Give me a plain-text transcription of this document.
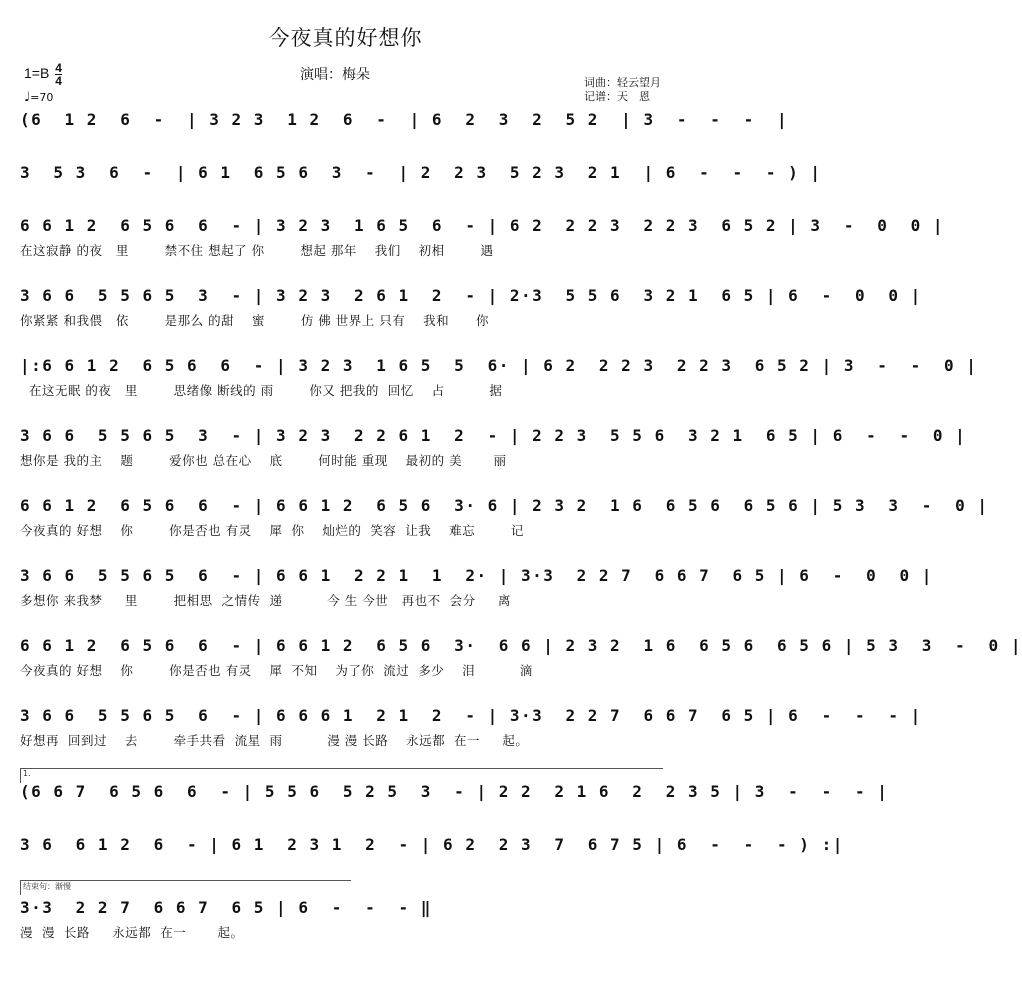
今夜真的好想你
$1=B \frac{4}{4}$
♩=70
演唱：梅朵	词曲：轻云望月
记谱：天　恩
(6  1 2  6  -  | 3 2 3  1 2  6  -  | 6  2  3  2  5 2  | 3  -  -  -  |
3  5 3  6  -  | 6 1  6 5 6  3  -  | 2  2 3  5 2 3  2 1  | 6  -  -  - ) |
6 6 1 2  6 5 6  6  - | 3 2 3  1 6 5  6  - | 6 2  2 2 3  2 2 3  6 5 2 | 3  -  0  0 |
在这寂静 的夜   里        禁不住 想起了 你        想起 那年    我们    初相        遇
3 6 6  5 5 6 5  3  - | 3 2 3  2 6 1  2  - | 2·3  5 5 6  3 2 1  6 5 | 6  -  0  0 |
你紧紧 和我偎   依        是那么 的甜    蜜        仿 佛 世界上 只有    我和      你
|:6 6 1 2  6 5 6  6  - | 3 2 3  1 6 5  5  6· | 6 2  2 2 3  2 2 3  6 5 2 | 3  -  -  0 |
在这无眠 的夜   里        思绪像 断线的 雨        你又 把我的  回忆    占          据
3 6 6  5 5 6 5  3  - | 3 2 3  2 2 6 1  2  - | 2 2 3  5 5 6  3 2 1  6 5 | 6  -  -  0 |
想你是 我的主    题        爱你也 总在心    底        何时能 重现    最初的 美       丽
6 6 1 2  6 5 6  6  - | 6 6 1 2  6 5 6  3· 6 | 2 3 2  1 6  6 5 6  6 5 6 | 5 3  3  -  0 |
今夜真的 好想    你        你是否也 有灵    犀  你    灿烂的  笑容  让我    难忘        记
3 6 6  5 5 6 5  6  - | 6 6 1  2 2 1  1  2· | 3·3  2 2 7  6 6 7  6 5 | 6  -  0  0 |
多想你 来我梦     里        把相思  之情传  递          今 生 今世   再也不  会分     离
6 6 1 2  6 5 6  6  - | 6 6 1 2  6 5 6  3·  6 6 | 2 3 2  1 6  6 5 6  6 5 6 | 5 3  3  -  0 |
今夜真的 好想    你        你是否也 有灵    犀  不知    为了你  流过  多少    泪          滴
3 6 6  5 5 6 5  6  - | 6 6 6 1  2 1  2  - | 3·3  2 2 7  6 6 7  6 5 | 6  -  -  - |
好想再  回到过    去        牵手共看  流星  雨          漫 漫 长路    永远都  在一     起。
1.
(6 6 7  6 5 6  6  - | 5 5 6  5 2 5  3  - | 2 2  2 1 6  2  2 3 5 | 3  -  -  - |
3 6  6 1 2  6  - | 6 1  2 3 1  2  - | 6 2  2 3  7  6 7 5 | 6  -  -  - ) :|
结束句：渐慢
3·3  2 2 7  6 6 7  6 5 | 6  -  -  - ‖
漫  漫  长路     永远都  在一       起。
